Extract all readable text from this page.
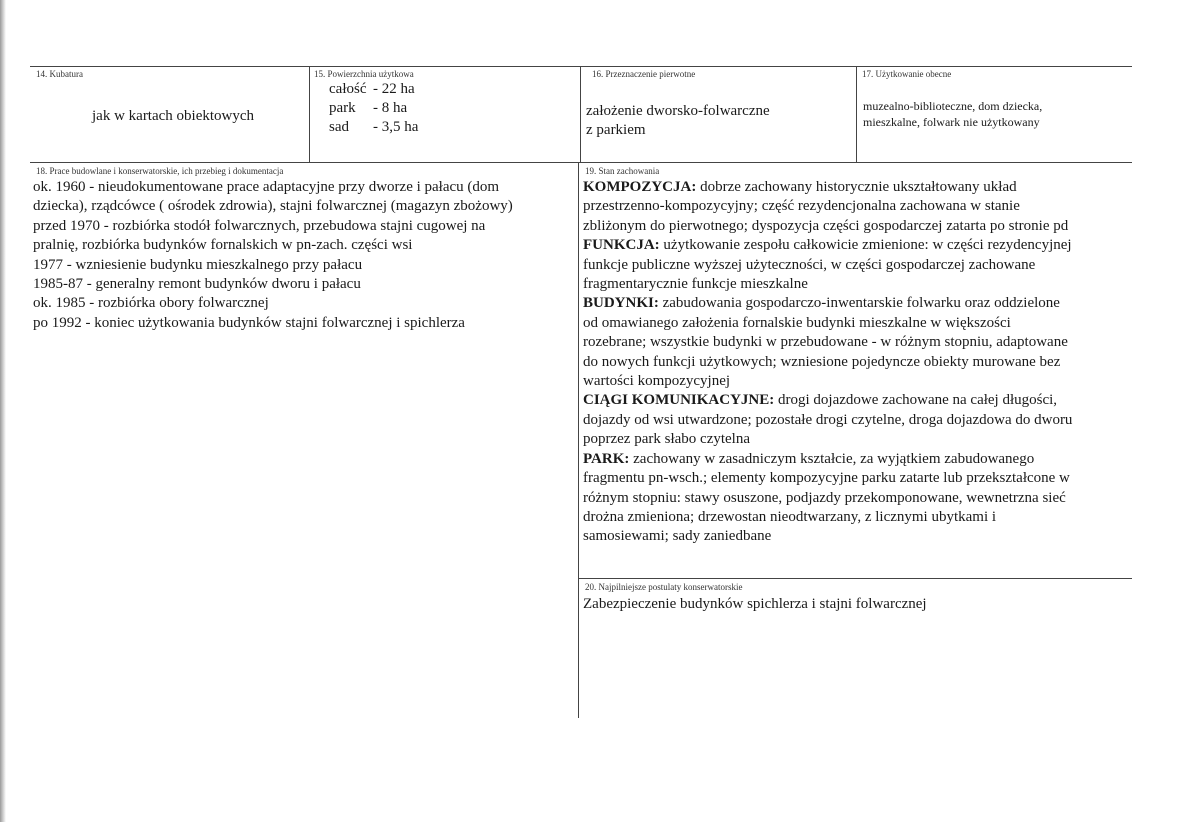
14. Kubatura
jak w kartach obiektowych
15. Powierzchnia użytkowa
całość - 22 ha
park - 8 ha
sad - 3,5 ha
16. Przeznaczenie pierwotne
założenie dworsko-folwarczne
z parkiem
17. Użytkowanie obecne
muzealno-biblioteczne, dom dziecka,
mieszkalne, folwark nie użytkowany
18. Prace budowlane i konserwatorskie, ich przebieg i dokumentacja
ok. 1960 - nieudokumentowane prace adaptacyjne przy dworze i pałacu (dom
dziecka), rządcówce ( ośrodek zdrowia), stajni folwarcznej (magazyn zbożowy)
przed 1970 - rozbiórka stodół folwarcznych, przebudowa stajni cugowej na
pralnię, rozbiórka budynków fornalskich w pn-zach. części wsi
1977 - wzniesienie budynku mieszkalnego przy pałacu
1985-87 - generalny remont budynków dworu i pałacu
ok. 1985 - rozbiórka obory folwarcznej
po 1992 - koniec użytkowania budynków stajni folwarcznej i spichlerza
19. Stan zachowania
KOMPOZYCJA: dobrze zachowany historycznie ukształtowany układ
przestrzenno-kompozycyjny; część rezydencjonalna zachowana w stanie
zbliżonym do pierwotnego; dyspozycja części gospodarczej zatarta po stronie pd
FUNKCJA: użytkowanie zespołu całkowicie zmienione: w części rezydencyjnej
funkcje publiczne wyższej użyteczności, w części gospodarczej zachowane
fragmentarycznie funkcje mieszkalne
BUDYNKI: zabudowania gospodarczo-inwentarskie folwarku oraz oddzielone
od omawianego założenia fornalskie budynki mieszkalne w większości
rozebrane; wszystkie budynki w przebudowane - w różnym stopniu, adaptowane
do nowych funkcji użytkowych; wzniesione pojedyncze obiekty murowane bez
wartości kompozycyjnej
CIĄGI KOMUNIKACYJNE: drogi dojazdowe zachowane na całej długości,
dojazdy od wsi utwardzone; pozostałe drogi czytelne, droga dojazdowa do dworu
poprzez park słabo czytelna
PARK: zachowany w zasadniczym kształcie, za wyjątkiem zabudowanego
fragmentu pn-wsch.; elementy kompozycyjne parku zatarte lub przekształcone w
różnym stopniu: stawy osuszone, podjazdy przekomponowane, wewnetrzna sieć
drożna zmieniona; drzewostan nieodtwarzany, z licznymi ubytkami i
samosiewami; sady zaniedbane
20. Najpilniejsze postulaty konserwatorskie
Zabezpieczenie budynków spichlerza i stajni folwarcznej
